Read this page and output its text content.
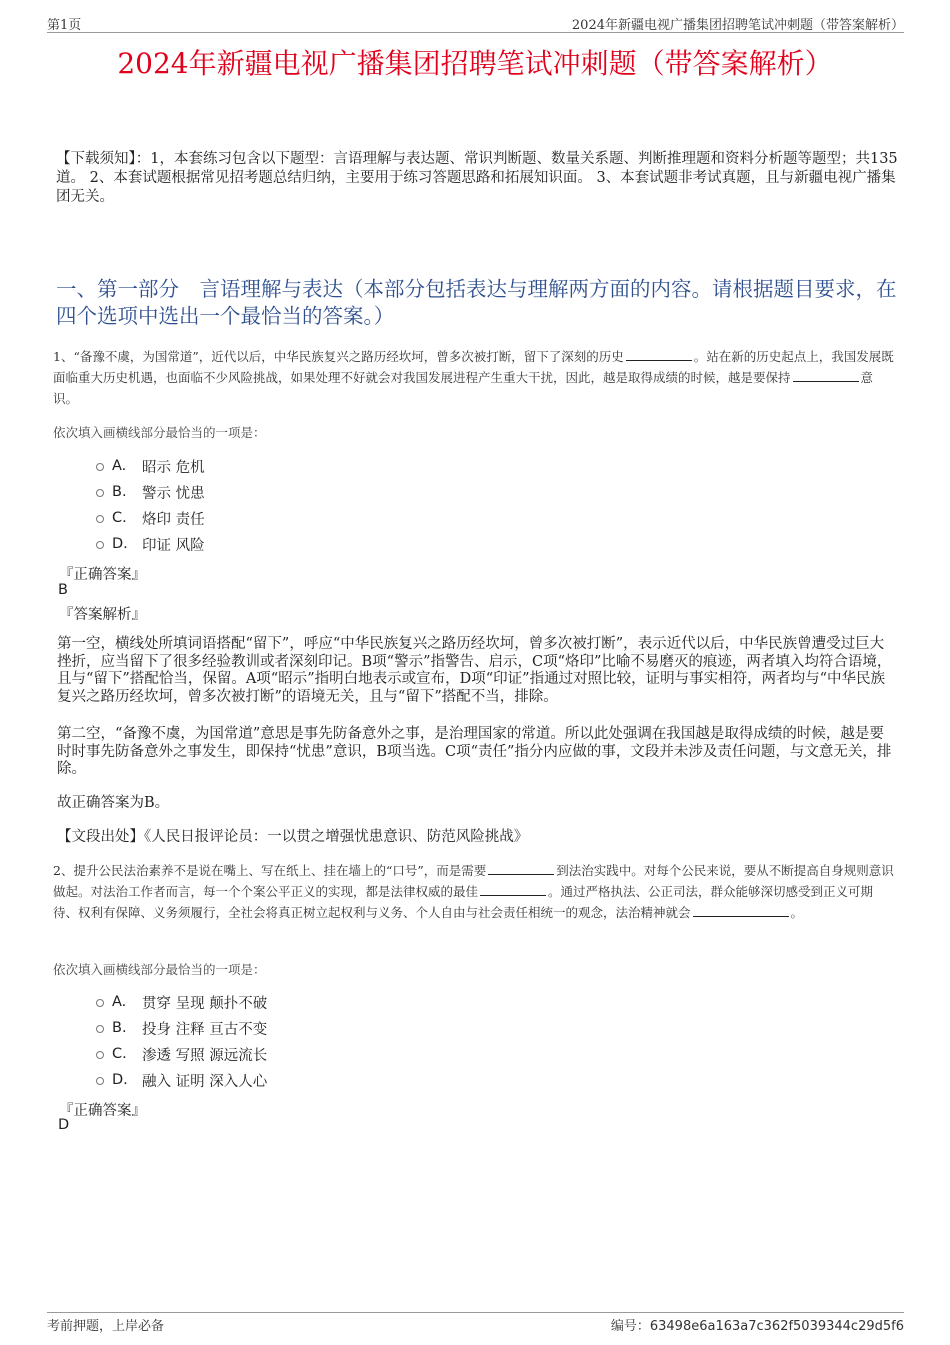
第1页	2024年新疆电视广播集团招聘笔试冲刺题（带答案解析）
2024年新疆电视广播集团招聘笔试冲刺题（带答案解析）
【下载须知】：1，本套练习包含以下题型：言语理解与表达题、常识判断题、数量关系题、判断推理题和资料分析题等题型；共135道。 2、本套试题根据常见招考题总结归纳，主要用于练习答题思路和拓展知识面。 3、本套试题非考试真题，且与新疆电视广播集团无关。
一、第一部分　言语理解与表达（本部分包括表达与理解两方面的内容。请根据题目要求，在四个选项中选出一个最恰当的答案。）
1、“备豫不虞，为国常道”，近代以后，中华民族复兴之路历经坎坷，曾多次被打断，留下了深刻的历史	。站在新的历史起点上，我国发展既面临重大历史机遇，也面临不少风险挑战，如果处理不好就会对我国发展进程产生重大干扰，因此，越是取得成绩的时候，越是要保持	意识。
依次填入画横线部分最恰当的一项是：
A.	昭示 危机
B.	警示 忧患
C.	烙印 责任
D. 印证 风险
『正确答案』
B
『答案解析』
第一空，横线处所填词语搭配“留下”，呼应“中华民族复兴之路历经坎坷，曾多次被打断”，表示近代以后，中华民族曾遭受过巨大挫折，应当留下了很多经验教训或者深刻印记。B项“警示”指警告、启示，C项“烙印”比喻不易磨灭的痕迹，两者填入均符合语境，且与“留下”搭配恰当，保留。A项“昭示”指明白地表示或宣布，D项“印证”指通过对照比较，证明与事实相符，两者均与“中华民族复兴之路历经坎坷，曾多次被打断”的语境无关，且与“留下”搭配不当，排除。
第二空，“备豫不虞，为国常道”意思是事先防备意外之事，是治理国家的常道。所以此处强调在我国越是取得成绩的时候，越是要时时事先防备意外之事发生，即保持“忧患”意识，B项当选。C项“责任”指分内应做的事，文段并未涉及责任问题，与文意无关，排除。
故正确答案为B。
【文段出处】《人民日报评论员：一以贯之增强忧患意识、防范风险挑战》
2、提升公民法治素养不是说在嘴上、写在纸上、挂在墙上的“口号”，而是需要	到法治实践中。对每个公民来说，要从不断提高自身规则意识做起。对法治工作者而言，每一个个案公平正义的实现，都是法律权威的最佳	。通过严格执法、公正司法，群众能够深切感受到正义可期待、权利有保障、义务须履行，全社会将真正树立起权利与义务、个人自由与社会责任相统一的观念，法治精神就会	。
依次填入画横线部分最恰当的一项是：
A.	贯穿 呈现 颠扑不破
B.	投身 注释 亘古不变
C.	渗透 写照 源远流长
D. 融入 证明 深入人心
『正确答案』
D
考前押题，上岸必备	编号：63498e6a163a7c362f5039344c29d5f6
